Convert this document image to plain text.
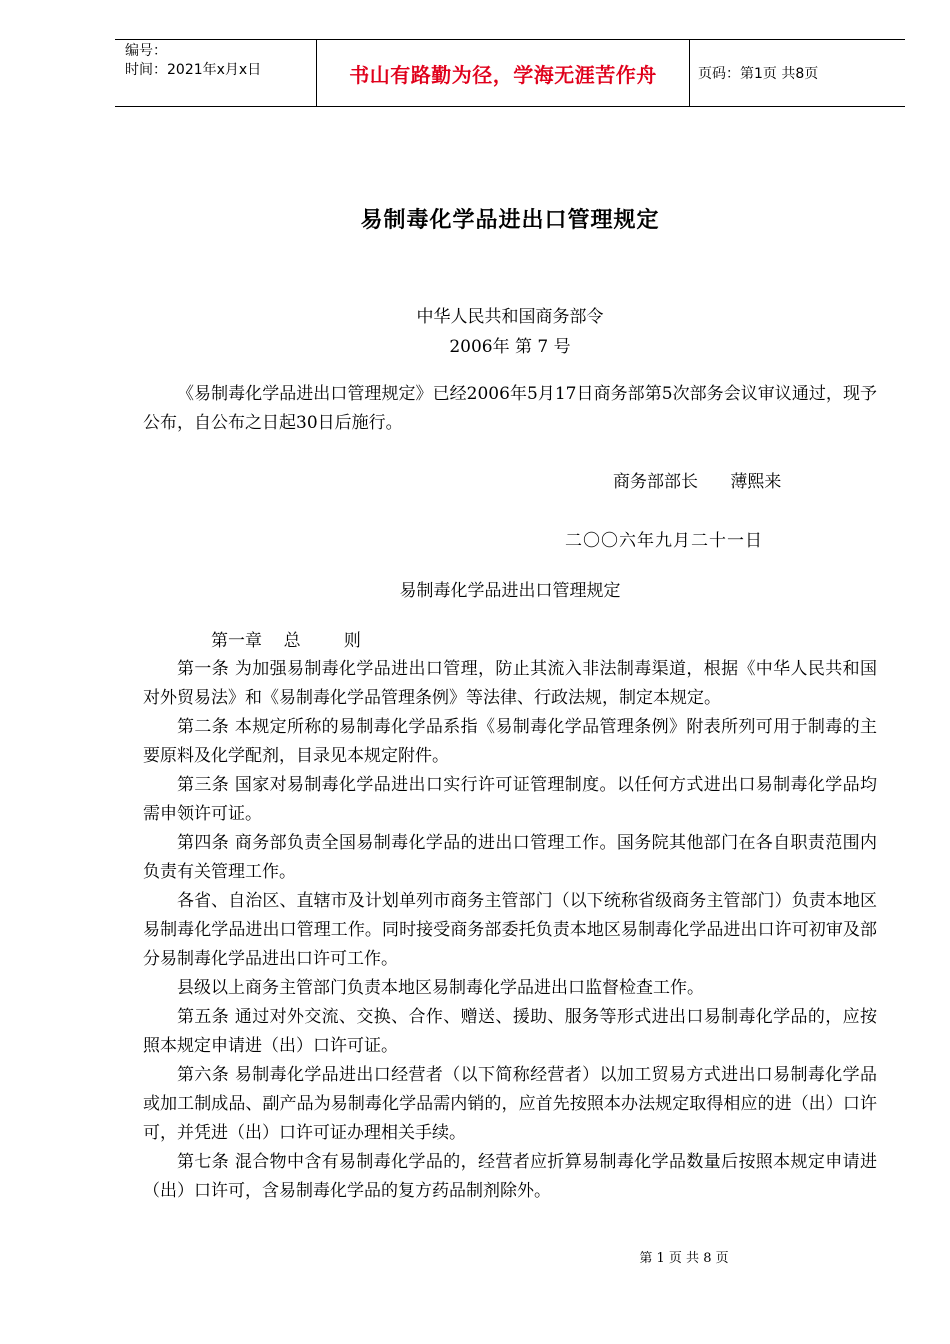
编号：
时间：2021年x月x日	书山有路勤为径，学海无涯苦作舟	页码：第1页 共8页
易制毒化学品进出口管理规定
中华人民共和国商务部令
2006年 第 7 号
《易制毒化学品进出口管理规定》已经2006年5月17日商务部第5次部务会议审议通过，现予公布，自公布之日起30日后施行。
商务部部长      薄熙来
二〇〇六年九月二十一日
易制毒化学品进出口管理规定
第一章    总        则
第一条 为加强易制毒化学品进出口管理，防止其流入非法制毒渠道，根据《中华人民共和国对外贸易法》和《易制毒化学品管理条例》等法律、行政法规，制定本规定。
第二条 本规定所称的易制毒化学品系指《易制毒化学品管理条例》附表所列可用于制毒的主要原料及化学配剂，目录见本规定附件。
第三条 国家对易制毒化学品进出口实行许可证管理制度。以任何方式进出口易制毒化学品均需申领许可证。
第四条 商务部负责全国易制毒化学品的进出口管理工作。国务院其他部门在各自职责范围内负责有关管理工作。
各省、自治区、直辖市及计划单列市商务主管部门（以下统称省级商务主管部门）负责本地区易制毒化学品进出口管理工作。同时接受商务部委托负责本地区易制毒化学品进出口许可初审及部分易制毒化学品进出口许可工作。
县级以上商务主管部门负责本地区易制毒化学品进出口监督检查工作。
第五条 通过对外交流、交换、合作、赠送、援助、服务等形式进出口易制毒化学品的，应按照本规定申请进（出）口许可证。
第六条 易制毒化学品进出口经营者（以下简称经营者）以加工贸易方式进出口易制毒化学品或加工制成品、副产品为易制毒化学品需内销的，应首先按照本办法规定取得相应的进（出）口许可，并凭进（出）口许可证办理相关手续。
第七条 混合物中含有易制毒化学品的，经营者应折算易制毒化学品数量后按照本规定申请进（出）口许可，含易制毒化学品的复方药品制剂除外。
第 1 页 共 8 页
